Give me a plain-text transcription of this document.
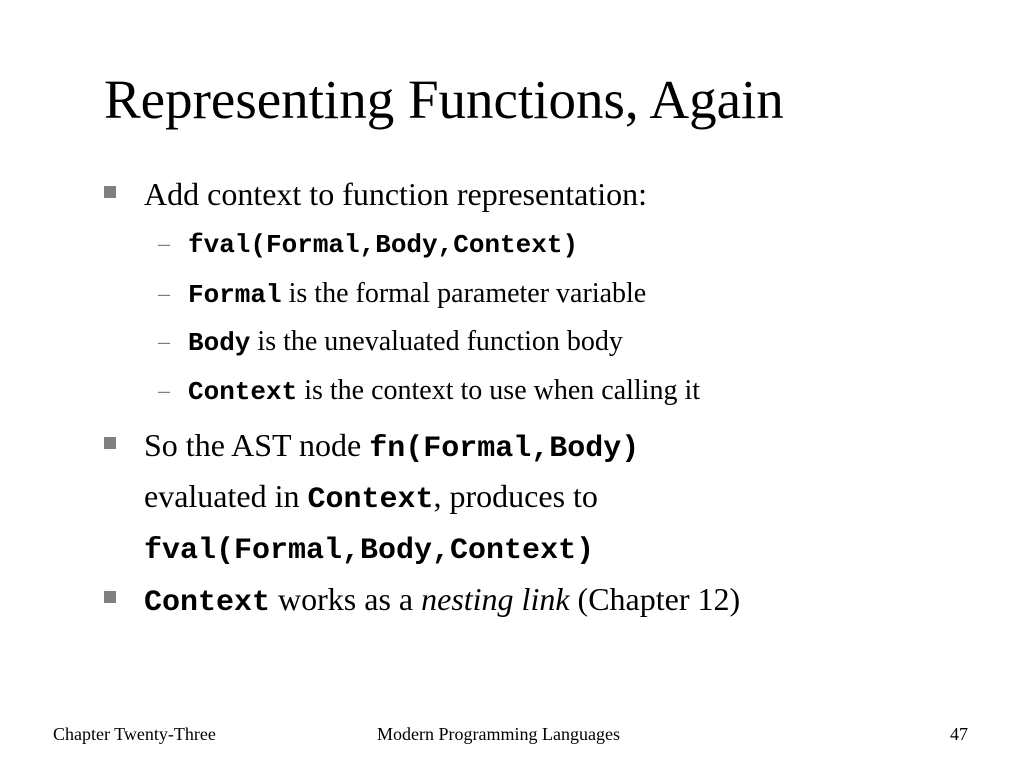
Representing Functions, Again
Add context to function representation:
– fval(Formal,Body,Context)
– Formal is the formal parameter variable
– Body is the unevaluated function body
– Context is the context to use when calling it
So the AST node fn(Formal,Body)
evaluated in Context, produces to
fval(Formal,Body,Context)
Context works as a nesting link (Chapter 12)
Chapter Twenty-Three	Modern Programming Languages	47
